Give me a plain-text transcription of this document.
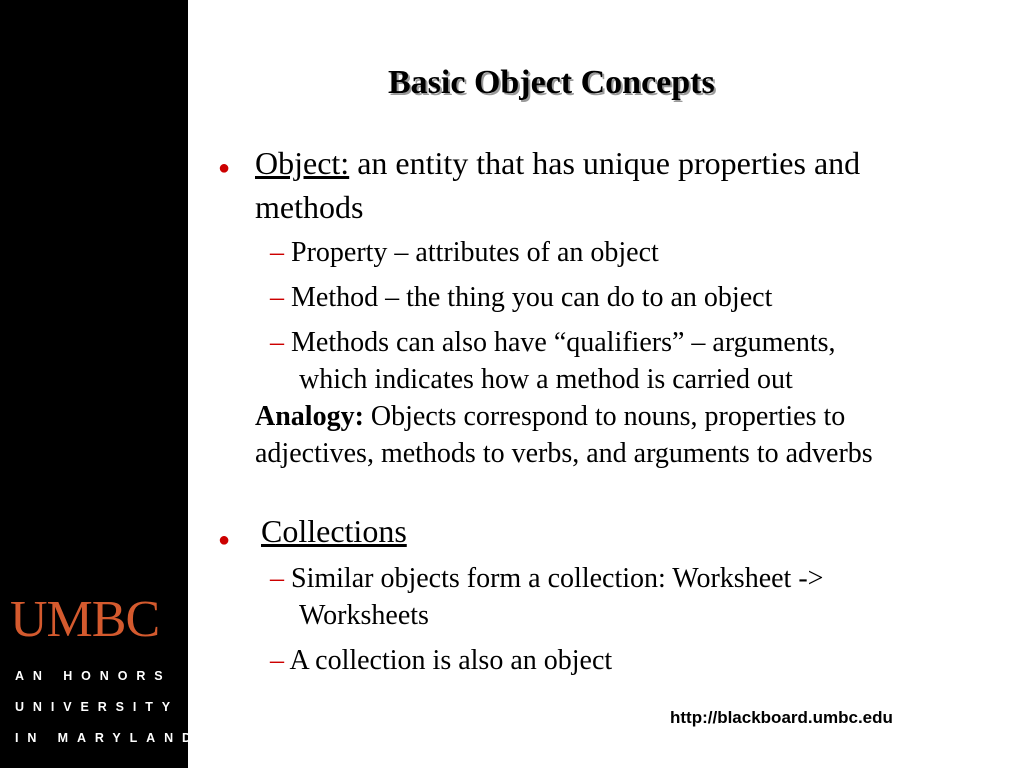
UMBC
AN HONORS
UNIVERSITY
IN MARYLAND
Basic Object Concepts
● Object: an entity that has unique properties and
methods
– Property – attributes of an object
– Method – the thing you can do to an object
– Methods can also have “qualifiers” – arguments,
which indicates how a method is carried out
Analogy: Objects correspond to nouns, properties to
adjectives, methods to verbs, and arguments to adverbs
● Collections
– Similar objects form a collection: Worksheet ->
Worksheets
– A collection is also an object
http://blackboard.umbc.edu
